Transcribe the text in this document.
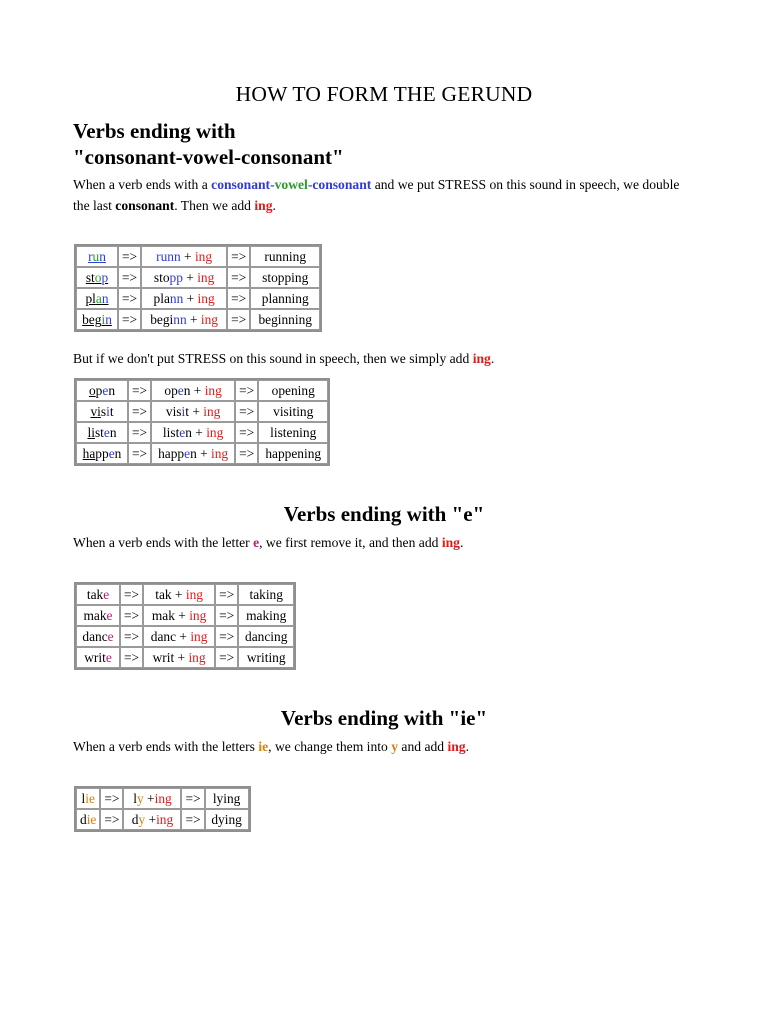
HOW TO FORM THE GERUND
Verbs ending with
"consonant-vowel-consonant"
When a verb ends with a consonant-vowel-consonant and we put STRESS on this sound in speech, we double the last consonant. Then we add ing.
run	=>	runn + ing	=>	running
stop	=>	stopp + ing	=>	stopping
plan	=>	plann + ing	=>	planning
begin	=>	beginn + ing	=>	beginning
But if we don't put STRESS on this sound in speech, then we simply add ing.
open	=>	open + ing	=>	opening
visit	=>	visit + ing	=>	visiting
listen	=>	listen + ing	=>	listening
happen	=>	happen + ing	=>	happening
Verbs ending with "e"
When a verb ends with the letter e, we first remove it, and then add ing.
take	=>	tak + ing	=>	taking
make	=>	mak + ing	=>	making
dance	=>	danc + ing	=>	dancing
write	=>	writ + ing	=>	writing
Verbs ending with "ie"
When a verb ends with the letters ie, we change them into y and add ing.
lie	=>	ly +ing	=>	lying
die	=>	dy +ing	=>	dying
